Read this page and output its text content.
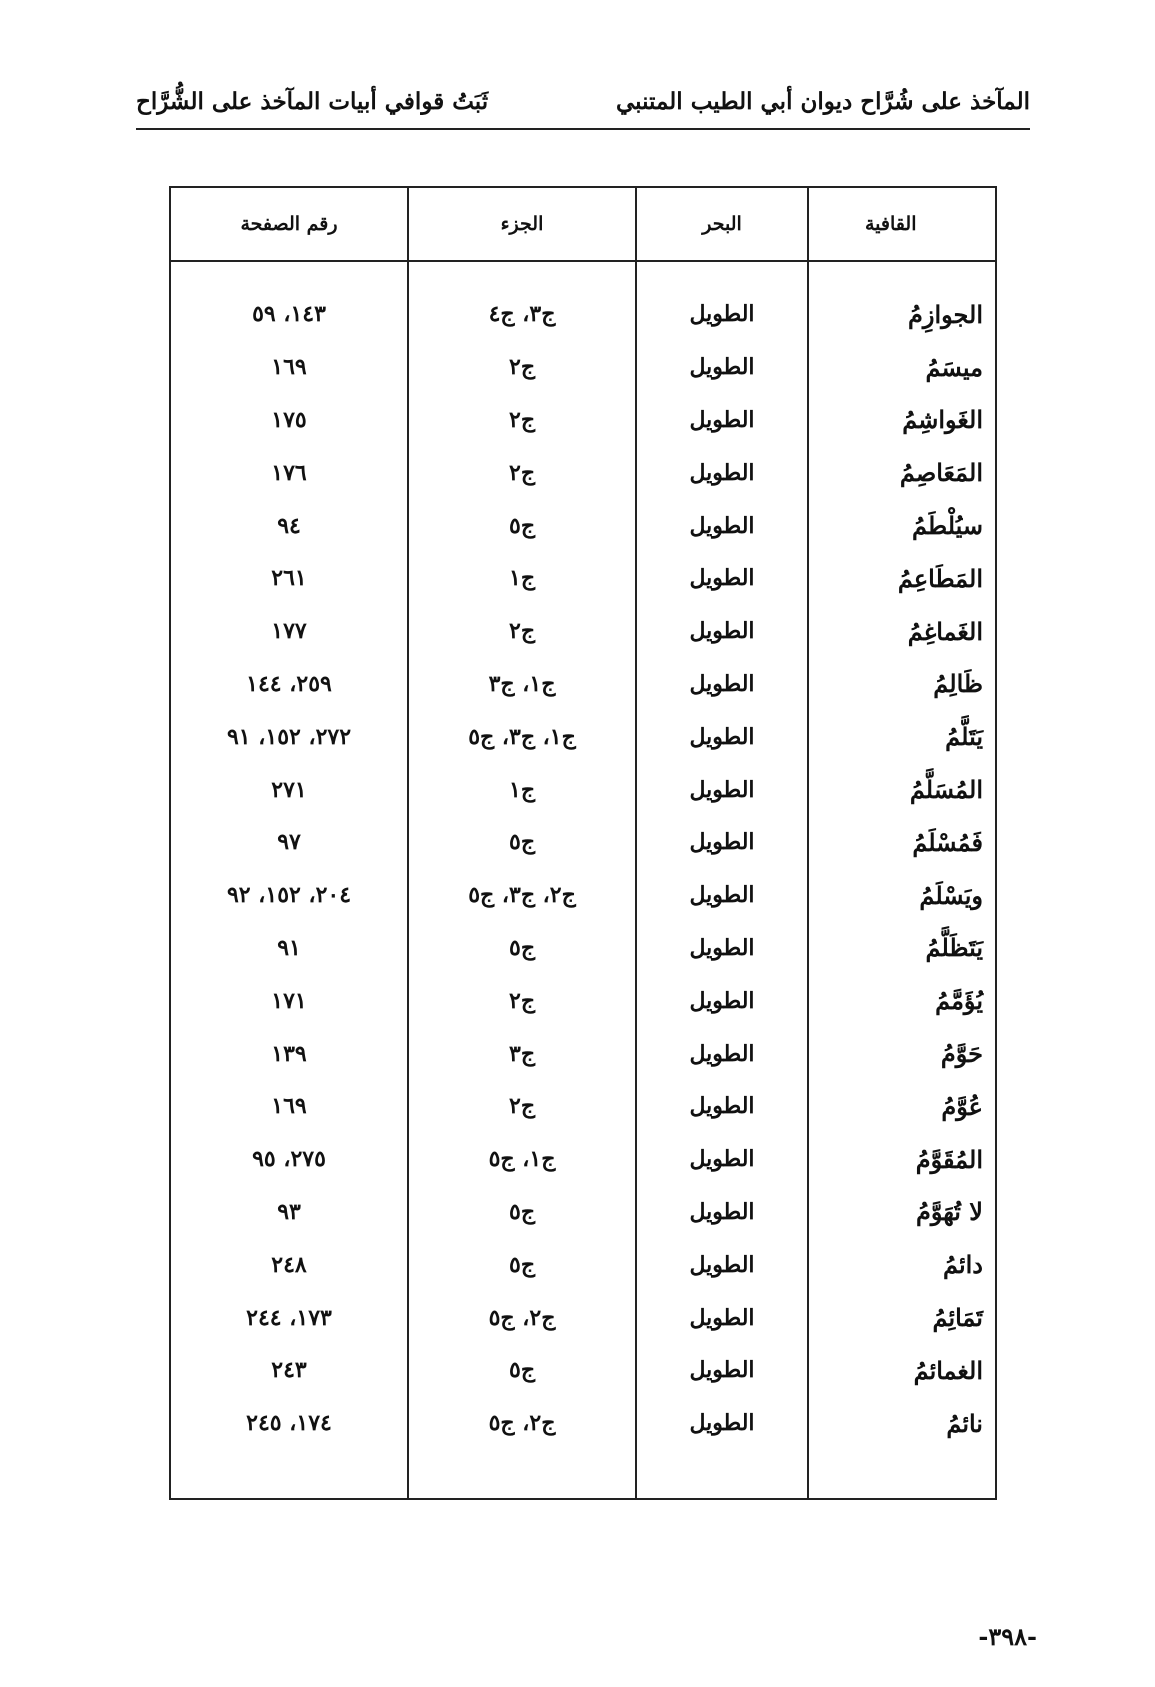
المآخذ على شُرَّاح ديوان أبي الطيب المتنبي
ثَبَتُ قوافي أبيات المآخذ على الشُّرَّاح
القافية
البحر
الجزء
رقم الصفحة
الجوازِمُ
ميسَمُ
الغَواشِمُ
المَعَاصِمُ
سيُلْطَمُ
المَطَاعِمُ
الغَماغِمُ
ظَالِمُ
يَتَلَّمُ
المُسَلَّمُ
فَمُسْلَمُ
ويَسْلَمُ
يَتَظَلَّمُ
يُؤَمَّمُ
حَوَّمُ
عُوَّمُ
المُقَوَّمُ
لا تُهَوَّمُ
دائمُ
تَمَائِمُ
الغمائمُ
نائمُ
الطويل
الطويل
الطويل
الطويل
الطويل
الطويل
الطويل
الطويل
الطويل
الطويل
الطويل
الطويل
الطويل
الطويل
الطويل
الطويل
الطويل
الطويل
الطويل
الطويل
الطويل
الطويل
ج٣، ج٤
ج٢
ج٢
ج٢
ج٥
ج١
ج٢
ج١، ج٣
ج١، ج٣، ج٥
ج١
ج٥
ج٢، ج٣، ج٥
ج٥
ج٢
ج٣
ج٢
ج١، ج٥
ج٥
ج٥
ج٢، ج٥
ج٥
ج٢، ج٥
١٤٣، ٥٩
١٦٩
١٧٥
١٧٦
٩٤
٢٦١
١٧٧
٢٥٩، ١٤٤
٢٧٢، ١٥٢، ٩١
٢٧١
٩٧
٢٠٤، ١٥٢، ٩٢
٩١
١٧١
١٣٩
١٦٩
٢٧٥، ٩٥
٩٣
٢٤٨
١٧٣، ٢٤٤
٢٤٣
١٧٤، ٢٤٥
-٣٩٨-
